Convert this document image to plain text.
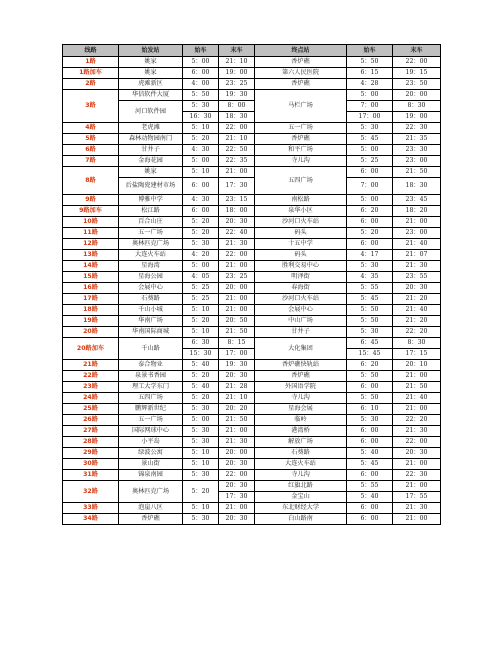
线路	始发站	始车	末车	终点站	始车	末车
1路	姚家	5：00	21：10	香炉礁	5：50	22：00
1路加车	姚家	6：00	19：00	第六人民医院	6：15	19：15
2路	虎滩新区	4：00	23：25	香炉礁	4：28	23：50
3路	华信软件大厦	5：50	19：30	马栏广场	5：00	20：00
	河口软件园	5：30	8：00		7：00	8：30
		16：30	18：30		17：00	19：00
4路	老虎滩	5：10	22：00	五一广场	5：30	22：30
5路	森林动物园南门	5：20	21：10	香炉礁	5：45	21：35
6路	甘井子	4：30	22：50	和平广场	5：00	23：30
7路	金海花园	5：00	22：35	寺儿沟	5：25	23：00
8路	姚家	5：10	21：00	五四广场	6：00	21：50
	后盐陶瓷建材市场	6：00	17：30		7：00	18：30
9路	博雅中学	4：30	23：15	南松路	5：00	23：45
9路加车	松江路	6：00	18：00	泉华小区	6：20	18：20
10路	百合山庄	5：20	20：30	沙河口火车站	6：00	21：00
11路	五一广场	5：20	22：40	码头	5：20	23：00
12路	奥林匹克广场	5：30	21：30	十五中学	6：00	21：40
13路	大连火车站	4：20	22：00	码头	4：17	21：07
14路	星海湾	5：00	21：00	胜利交易中心	5：30	21：30
15路	星海公园	4：05	23：25	明泽街	4：35	23：55
16路	会展中心	5：25	20：00	春海街	5：55	20：30
17路	石葵路	5：25	21：00	沙河口火车站	5：45	21：20
18路	千山小城	5：10	21：00	会展中心	5：50	21：40
19路	华南广场	5：20	20：50	中山广场	5：50	21：20
20路	华南国际商城	5：10	21：50	甘井子	5：30	22：20
20路加车	千山路	6：30	8：15	大化集团	6：45	8：30
		15：30	17：00		15：45	17：15
21路	泰合物业	5：40	19：30	香炉礁快轨站	6：20	20：10
22路	泉景书香园	5：20	20：30	香炉礁	5：50	21：00
23路	理工大学东门	5：40	21：28	外国语学院	6：00	21：50
24路	五四广场	5：20	21：10	寺儿沟	5：50	21：40
25路	鹏辉新世纪	5：30	20：20	星海会展	6：10	21：00
26路	五一广场	5：00	21：50	临岭	5：30	22：20
27路	国际网球中心	5：30	21：00	港湾桥	6：00	21：30
28路	小平岛	5：30	21：30	解放广场	6：00	22：00
29路	绿波公寓	5：10	20：00	石葵路	5：40	20：30
30路	景山街	5：10	20：30	大连火车站	5：45	21：00
31路	锦泉南园	5：30	22：00	寺儿沟	6：00	22：30
32路	奥林匹克广场	5：20	20：30	红旗北路	5：55	21：00
			17：30	金宝山	5：40	17：55
33路	泡崖八区	5：10	21：00	东北财经大学	6：00	21：30
34路	香炉礁	5：30	20：30	白山路南	6：00	21：00
